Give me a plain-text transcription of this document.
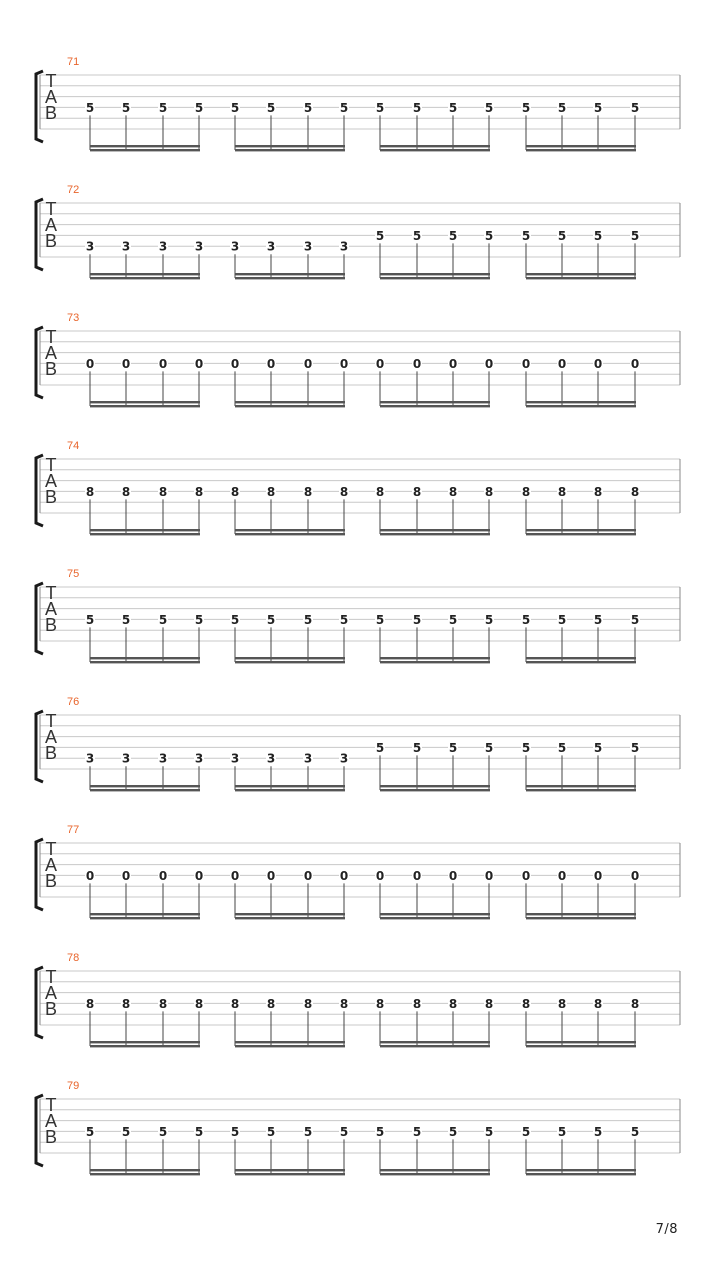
71
T
A
B 5 5 5 5 5 5 5 5 5 5 5 5 5 5 5 5
72
T
A
B 3 3 3 3 3 3 3 3
5 5 5 5 5 5 5 5
73
T
A
B 0 0 0 0 0 0 0 0 0 0 0 0 0 0 0 0
74
T
A
B 8 8 8 8 8 8 8 8 8 8 8 8 8 8 8 8
75
T
A
B 5 5 5 5 5 5 5 5 5 5 5 5 5 5 5 5
76
T
A
B 3 3 3 3 3 3 3 3
5 5 5 5 5 5 5 5
77
T
A
B 0 0 0 0 0 0 0 0 0 0 0 0 0 0 0 0
78
T
A
B 8 8 8 8 8 8 8 8 8 8 8 8 8 8 8 8
79
T
A
B 5 5 5 5 5 5 5 5 5 5 5 5 5 5 5 5
7/8
